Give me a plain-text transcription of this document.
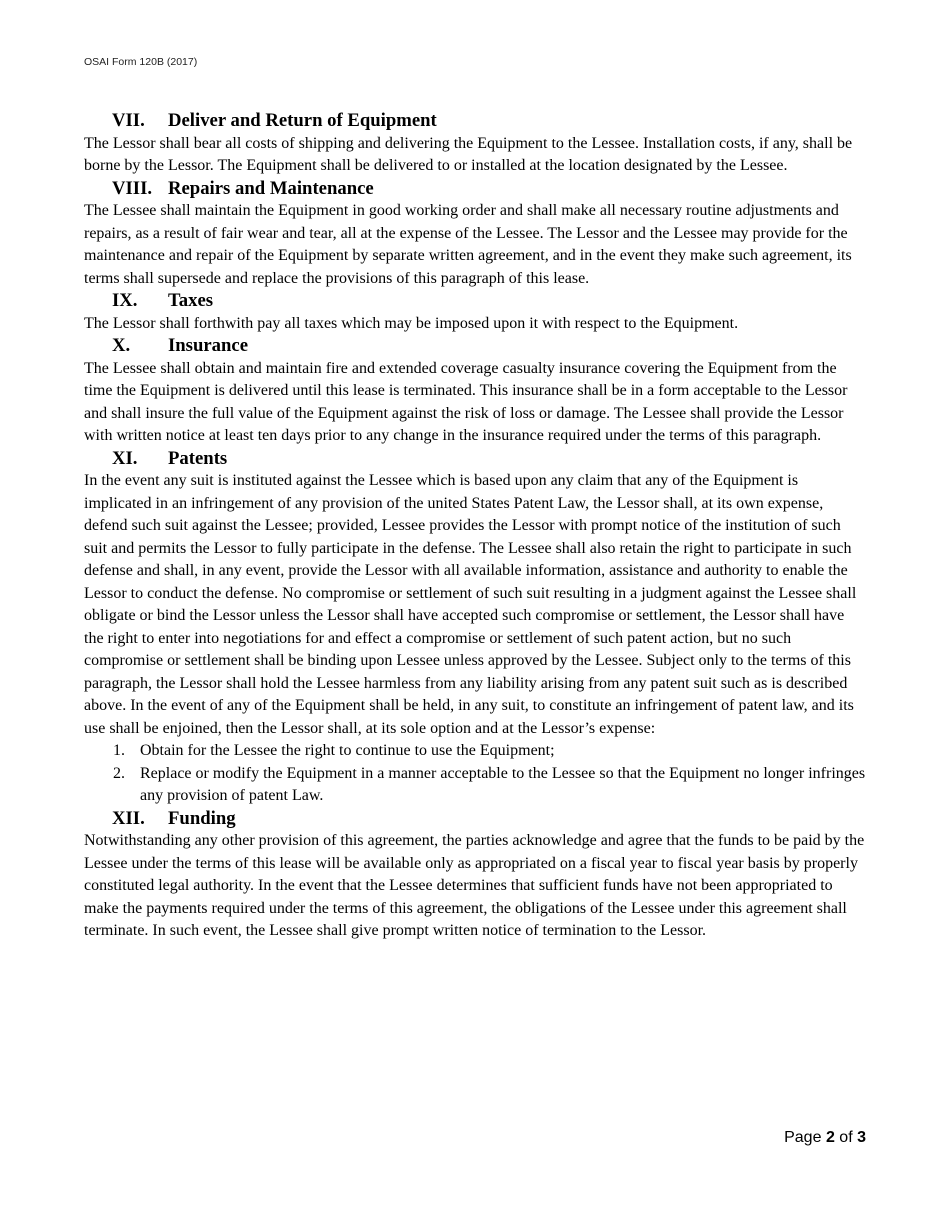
OSAI Form 120B (2017)
VII.	Deliver and Return of Equipment

The Lessor shall bear all costs of shipping and delivering the Equipment to the Lessee. Installation costs, if any, shall be borne by the Lessor. The Equipment shall be delivered to or installed at the location designated by the Lessee.

VIII. Repairs and Maintenance

The Lessee shall maintain the Equipment in good working order and shall make all necessary routine adjustments and repairs, as a result of fair wear and tear, all at the expense of the Lessee. The Lessor and the Lessee may provide for the maintenance and repair of the Equipment by separate written agreement, and in the event they make such agreement, its terms shall supersede and replace the provisions of this paragraph of this lease.

IX.	Taxes

The Lessor shall forthwith pay all taxes which may be imposed upon it with respect to the Equipment.

X.	Insurance

The Lessee shall obtain and maintain fire and extended coverage casualty insurance covering the Equipment from the time the Equipment is delivered until this lease is terminated. This insurance shall be in a form acceptable to the Lessor and shall insure the full value of the Equipment against the risk of loss or damage. The Lessee shall provide the Lessor with written notice at least ten days prior to any change in the insurance required under the terms of this paragraph.

XI.	Patents

In the event any suit is instituted against the Lessee which is based upon any claim that any of the Equipment is implicated in an infringement of any provision of the united States Patent Law, the Lessor shall, at its own expense, defend such suit against the Lessee; provided, Lessee provides the Lessor with prompt notice of the institution of such suit and permits the Lessor to fully participate in the defense. The Lessee shall also retain the right to participate in such defense and shall, in any event, provide the Lessor with all available information, assistance and authority to enable the Lessor to conduct the defense. No compromise or settlement of such suit resulting in a judgment against the Lessee shall obligate or bind the Lessor unless the Lessor shall have accepted such compromise or settlement, the Lessor shall have the right to enter into negotiations for and effect a compromise or settlement of such patent action, but no such compromise or settlement shall be binding upon Lessee unless approved by the Lessee. Subject only to the terms of this paragraph, the Lessor shall hold the Lessee harmless from any liability arising from any patent suit such as is described above. In the event of any of the Equipment shall be held, in any suit, to constitute an infringement of patent law, and its use shall be enjoined, then the Lessor shall, at its sole option and at the Lessor’s expense:

1. Obtain for the Lessee the right to continue to use the Equipment;
2. Replace or modify the Equipment in a manner acceptable to the Lessee so that the Equipment no longer infringes any provision of patent Law.
XII.	Funding

Notwithstanding any other provision of this agreement, the parties acknowledge and agree that the funds to be paid by the Lessee under the terms of this lease will be available only as appropriated on a fiscal year to fiscal year basis by properly constituted legal authority. In the event that the Lessee determines that sufficient funds have not been appropriated to make the payments required under the terms of this agreement, the obligations of the Lessee under this agreement shall terminate. In such event, the Lessee shall give prompt written notice of termination to the Lessor.

Page 2 of 3
